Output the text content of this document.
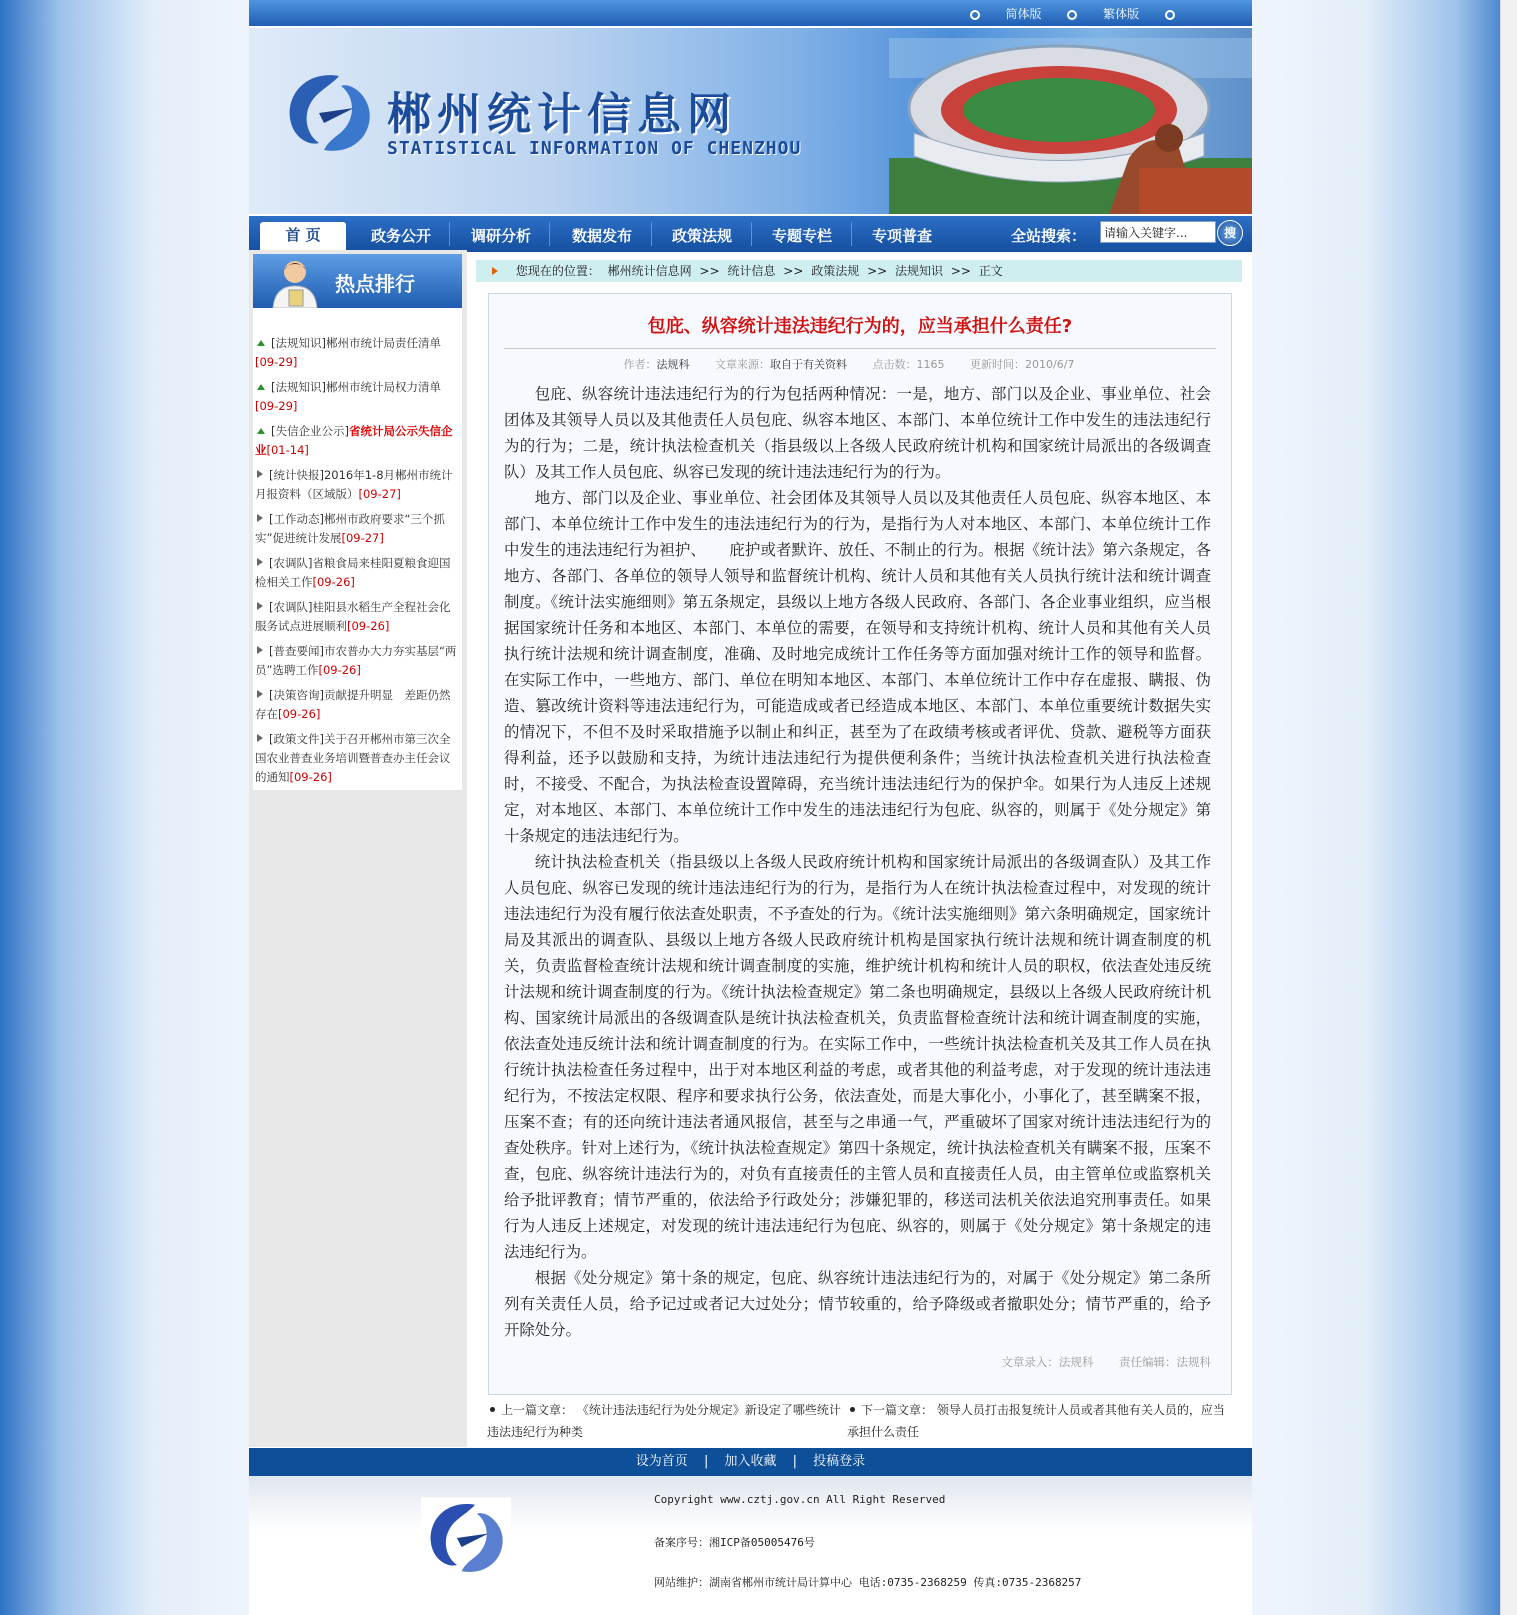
简体版	繁体版
郴州统计信息网
STATISTICAL INFORMATION OF CHENZHOU
首 页	政务公开	调研分析	数据发布	政策法规	专题专栏	专项普查	全站搜索：
请输入关键字...	搜
热点排行
[法规知识]郴州市统计局责任清单[09-29]
[法规知识]郴州市统计局权力清单[09-29]
[失信企业公示]省统计局公示失信企业[01-14]
[统计快报]2016年1-8月郴州市统计月报资料（区域版）[09-27]
[工作动态]郴州市政府要求“三个抓实”促进统计发展[09-27]
[农调队]省粮食局来桂阳夏粮食迎国检相关工作[09-26]
[农调队]桂阳县水稻生产全程社会化服务试点进展顺利[09-26]
[普查要闻]市农普办大力夯实基层“两员”选聘工作[09-26]
[决策咨询]贡献提升明显　差距仍然存在[09-26]
[政策文件]关于召开郴州市第三次全国农业普查业务培训暨普查办主任会议的通知[09-26]
您现在的位置： 郴州统计信息网 >> 统计信息 >> 政策法规 >> 法规知识 >> 正文
包庇、纵容统计违法违纪行为的，应当承担什么责任?
作者：法规科 文章来源：取自于有关资料 点击数：1165 更新时间：2010/6/7

包庇、纵容统计违法违纪行为的行为包括两种情况：一是，地方、部门以及企业、事业单位、社会团体及其领导人员以及其他责任人员包庇、纵容本地区、本部门、本单位统计工作中发生的违法违纪行为的行为；二是，统计执法检查机关（指县级以上各级人民政府统计机构和国家统计局派出的各级调查队）及其工作人员包庇、纵容已发现的统计违法违纪行为的行为。

地方、部门以及企业、事业单位、社会团体及其领导人员以及其他责任人员包庇、纵容本地区、本部门、本单位统计工作中发生的违法违纪行为的行为，是指行为人对本地区、本部门、本单位统计工作中发生的违法违纪行为袒护、　　庇护或者默许、放任、不制止的行为。根据《统计法》第六条规定，各地方、各部门、各单位的领导人领导和监督统计机构、统计人员和其他有关人员执行统计法和统计调查制度。《统计法实施细则》第五条规定，县级以上地方各级人民政府、各部门、各企业事业组织，应当根据国家统计任务和本地区、本部门、本单位的需要，在领导和支持统计机构、统计人员和其他有关人员执行统计法规和统计调查制度，准确、及时地完成统计工作任务等方面加强对统计工作的领导和监督。在实际工作中，一些地方、部门、单位在明知本地区、本部门、本单位统计工作中存在虚报、瞒报、伪造、篡改统计资料等违法违纪行为，可能造成或者已经造成本地区、本部门、本单位重要统计数据失实的情况下，不但不及时采取措施予以制止和纠正，甚至为了在政绩考核或者评优、贷款、避税等方面获得利益，还予以鼓励和支持，为统计违法违纪行为提供便利条件；当统计执法检查机关进行执法检查时，不接受、不配合，为执法检查设置障碍，充当统计违法违纪行为的保护伞。如果行为人违反上述规定，对本地区、本部门、本单位统计工作中发生的违法违纪行为包庇、纵容的，则属于《处分规定》第十条规定的违法违纪行为。

统计执法检查机关（指县级以上各级人民政府统计机构和国家统计局派出的各级调查队）及其工作人员包庇、纵容已发现的统计违法违纪行为的行为，是指行为人在统计执法检查过程中，对发现的统计违法违纪行为没有履行依法查处职责，不予查处的行为。《统计法实施细则》第六条明确规定，国家统计局及其派出的调查队、县级以上地方各级人民政府统计机构是国家执行统计法规和统计调查制度的机关，负责监督检查统计法规和统计调查制度的实施，维护统计机构和统计人员的职权，依法查处违反统计法规和统计调查制度的行为。《统计执法检查规定》第二条也明确规定，县级以上各级人民政府统计机构、国家统计局派出的各级调查队是统计执法检查机关，负责监督检查统计法和统计调查制度的实施，依法查处违反统计法和统计调查制度的行为。在实际工作中，一些统计执法检查机关及其工作人员在执行统计执法检查任务过程中，出于对本地区利益的考虑，或者其他的利益考虑，对于发现的统计违法违纪行为，不按法定权限、程序和要求执行公务，依法查处，而是大事化小，小事化了，甚至瞒案不报，压案不查；有的还向统计违法者通风报信，甚至与之串通一气，严重破坏了国家对统计违法违纪行为的查处秩序。针对上述行为，《统计执法检查规定》第四十条规定，统计执法检查机关有瞒案不报，压案不查，包庇、纵容统计违法行为的，对负有直接责任的主管人员和直接责任人员，由主管单位或监察机关给予批评教育；情节严重的，依法给予行政处分；涉嫌犯罪的，移送司法机关依法追究刑事责任。如果行为人违反上述规定，对发现的统计违法违纪行为包庇、纵容的，则属于《处分规定》第十条规定的违法违纪行为。

根据《处分规定》第十条的规定，包庇、纵容统计违法违纪行为的，对属于《处分规定》第二条所列有关责任人员，给予记过或者记大过处分；情节较重的，给予降级或者撤职处分；情节严重的，给予开除处分。

文章录入：法规科 责任编辑：法规科
上一篇文章： 《统计违法违纪行为处分规定》新设定了哪些统计违法违纪行为种类
下一篇文章： 领导人员打击报复统计人员或者其他有关人员的，应当承担什么责任
设为首页 | 加入收藏 | 投稿登录
Copyright www.cztj.gov.cn All Right Reserved
备案序号：湘ICP备05005476号
网站维护：湖南省郴州市统计局计算中心 电话:0735-2368259 传真:0735-2368257
